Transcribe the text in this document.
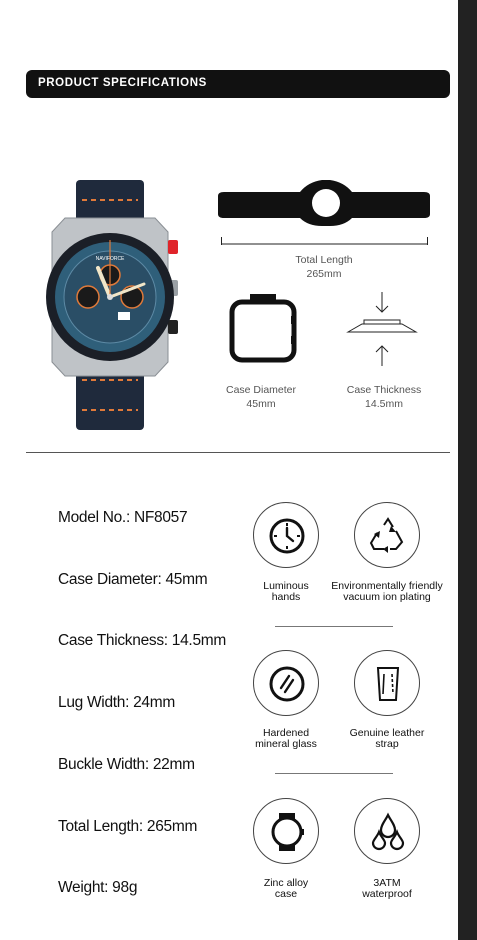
PRODUCT SPECIFICATIONS
NAVIFORCE	Total Length
265mm
Case Diameter
45mm
Case Thickness
14.5mm
Model No.: NF8057
Case Diameter: 45mm
Case Thickness: 14.5mm
Lug Width: 24mm
Buckle Width: 22mm
Total Length: 265mm
Weight: 98g
Luminous
hands
Environmentally friendly
vacuum ion plating
Hardened
mineral glass
Genuine leather
strap
Zinc alloy
case
3ATM
waterproof
